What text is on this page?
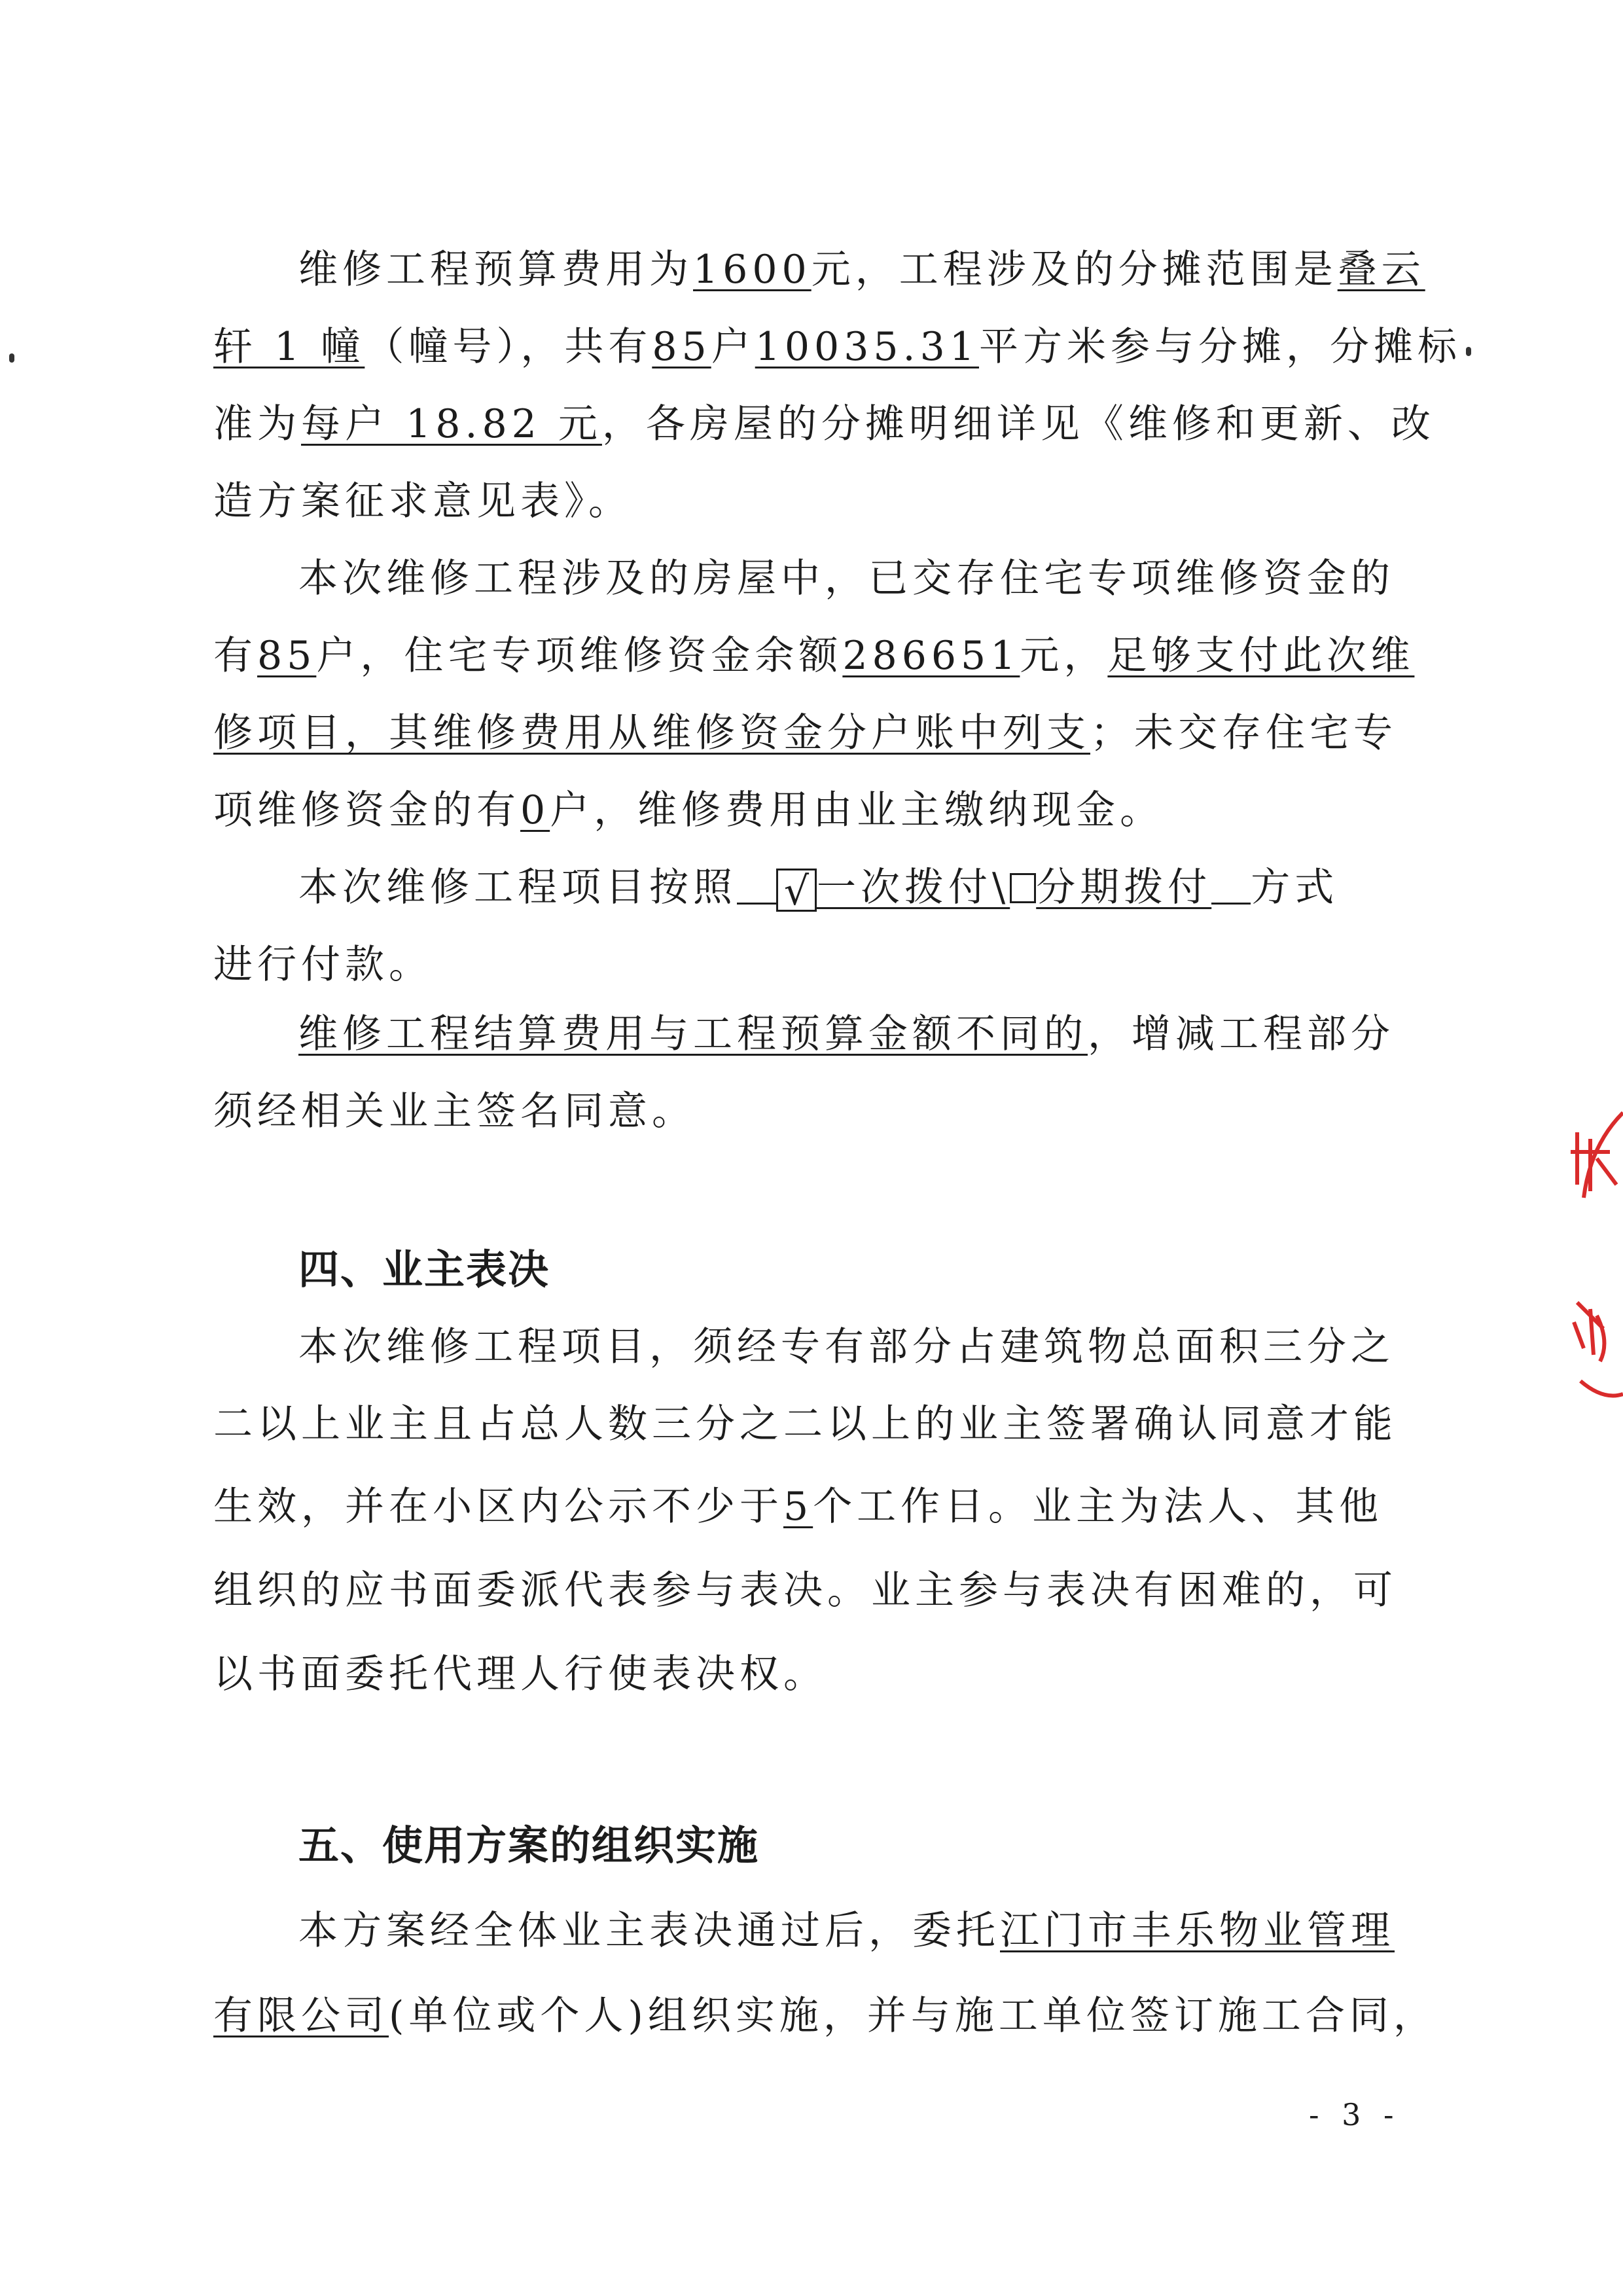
维修工程预算费用为1600元，工程涉及的分摊范围是叠云
轩 1 幢（幢号），共有85户10035.31平方米参与分摊，分摊标
准为每户 18.82 元，各房屋的分摊明细详见《维修和更新、改
造方案征求意见表》。
本次维修工程涉及的房屋中，已交存住宅专项维修资金的
有85户，住宅专项维修资金余额286651元，足够支付此次维
修项目，其维修费用从维修资金分户账中列支；未交存住宅专
项维修资金的有0户，维修费用由业主缴纳现金。
本次维修工程项目按照 √ 一次拨付\ 分期拨付 方式
进行付款。
维修工程结算费用与工程预算金额不同的，增减工程部分
须经相关业主签名同意。
四、业主表决
本次维修工程项目，须经专有部分占建筑物总面积三分之
二以上业主且占总人数三分之二以上的业主签署确认同意才能
生效，并在小区内公示不少于5个工作日。业主为法人、其他
组织的应书面委派代表参与表决。业主参与表决有困难的，可
以书面委托代理人行使表决权。
五、使用方案的组织实施
本方案经全体业主表决通过后，委托江门市丰乐物业管理
有限公司(单位或个人)组织实施，并与施工单位签订施工合同，
- 3 -
